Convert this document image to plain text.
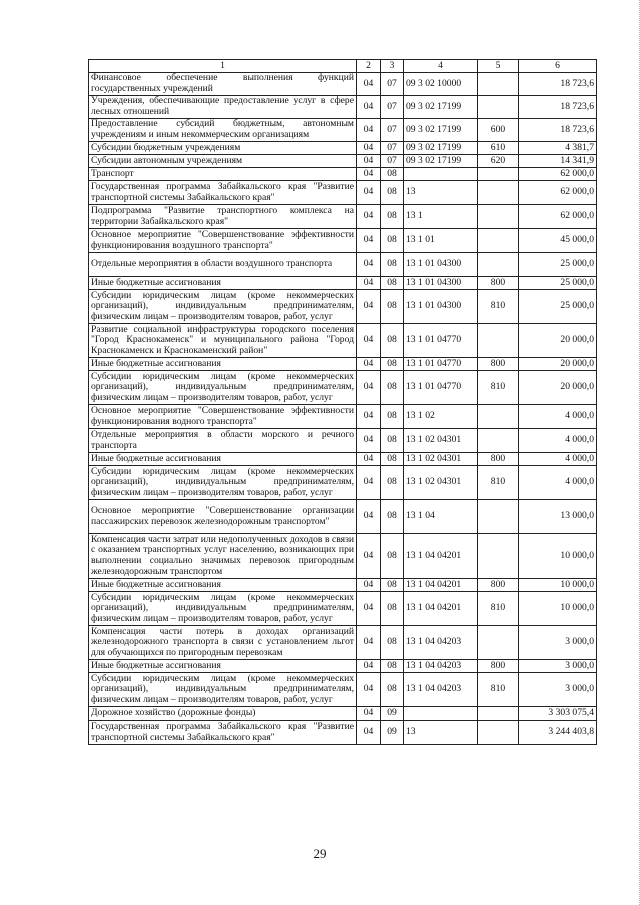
1	2	3	4	5	6
Финансовое обеспечение выполнения функций государственных учреждений	04	07	09 3 02 10000		18 723,6
Учреждения, обеспечивающие предоставление услуг в сфере лесных отношений	04	07	09 3 02 17199		18 723,6
Предоставление субсидий бюджетным, автономным учреждениям и иным некоммерческим организациям	04	07	09 3 02 17199	600	18 723,6
Субсидии бюджетным учреждениям	04	07	09 3 02 17199	610	4 381,7
Субсидии автономным учреждениям	04	07	09 3 02 17199	620	14 341,9
Транспорт	04	08			62 000,0
Государственная программа Забайкальского края "Развитие транспортной системы Забайкальского края"	04	08	13		62 000,0
Подпрограмма "Развитие транспортного комплекса на территории Забайкальского края"	04	08	13 1		62 000,0
Основное мероприятие "Совершенствование эффективности функционирования воздушного транспорта"	04	08	13 1 01		45 000,0
Отдельные мероприятия в области воздушного транспорта	04	08	13 1 01 04300		25 000,0
Иные бюджетные ассигнования	04	08	13 1 01 04300	800	25 000,0
Субсидии юридическим лицам (кроме некоммерческих организаций), индивидуальным предпринимателям, физическим лицам – производителям товаров, работ, услуг	04	08	13 1 01 04300	810	25 000,0
Развитие социальной инфраструктуры городского поселения "Город Краснокаменск" и муниципального района "Город Краснокаменск и Краснокаменский район"	04	08	13 1 01 04770		20 000,0
Иные бюджетные ассигнования	04	08	13 1 01 04770	800	20 000,0
Субсидии юридическим лицам (кроме некоммерческих организаций), индивидуальным предпринимателям, физическим лицам – производителям товаров, работ, услуг	04	08	13 1 01 04770	810	20 000,0
Основное мероприятие "Совершенствование эффективности функционирования водного транспорта"	04	08	13 1 02		4 000,0
Отдельные мероприятия в области морского и речного транспорта	04	08	13 1 02 04301		4 000,0
Иные бюджетные ассигнования	04	08	13 1 02 04301	800	4 000,0
Субсидии юридическим лицам (кроме некоммерческих организаций), индивидуальным предпринимателям, физическим лицам – производителям товаров, работ, услуг	04	08	13 1 02 04301	810	4 000,0
Основное мероприятие "Совершенствование организации пассажирских перевозок железнодорожным транспортом"	04	08	13 1 04		13 000,0
Компенсация части затрат или недополученных доходов в связи с оказанием транспортных услуг населению, возникающих при выполнении социально значимых перевозок пригородным железнодорожным транспортом	04	08	13 1 04 04201		10 000,0
Иные бюджетные ассигнования	04	08	13 1 04 04201	800	10 000,0
Субсидии юридическим лицам (кроме некоммерческих организаций), индивидуальным предпринимателям, физическим лицам – производителям товаров, работ, услуг	04	08	13 1 04 04201	810	10 000,0
Компенсация части потерь в доходах организаций железнодорожного транспорта в связи с установлением льгот для обучающихся по пригородным перевозкам	04	08	13 1 04 04203		3 000,0
Иные бюджетные ассигнования	04	08	13 1 04 04203	800	3 000,0
Субсидии юридическим лицам (кроме некоммерческих организаций), индивидуальным предпринимателям, физическим лицам – производителям товаров, работ, услуг	04	08	13 1 04 04203	810	3 000,0
Дорожное хозяйство (дорожные фонды)	04	09			3 303 075,4
Государственная программа Забайкальского края "Развитие транспортной системы Забайкальского края"	04	09	13		3 244 403,8
29
